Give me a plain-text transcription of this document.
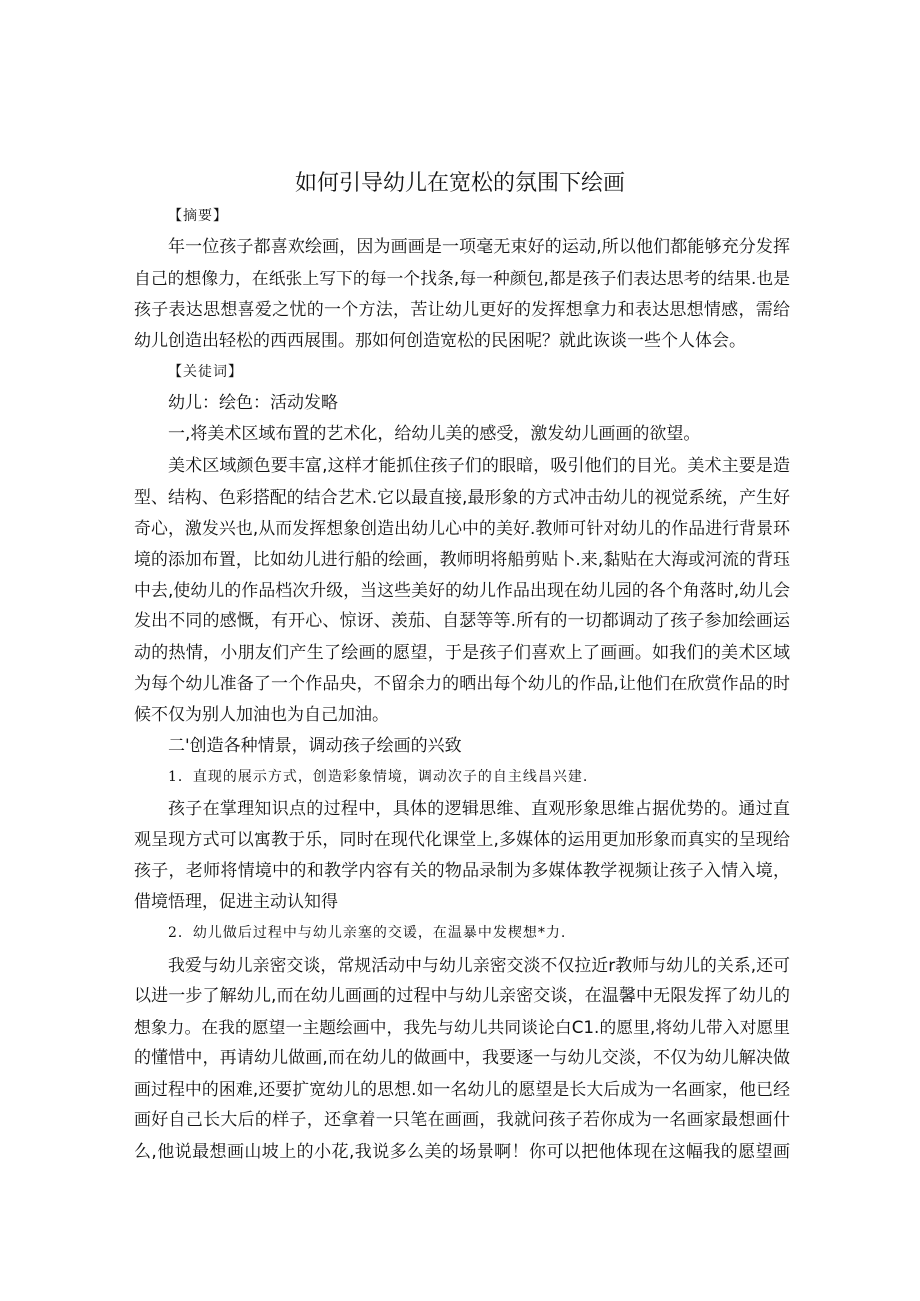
如何引导幼儿在宽松的氛围下绘画
【摘要】
年一位孩子都喜欢绘画，因为画画是一项毫无束好的运动,所以他们都能够充分发挥
自己的想像力，在纸张上写下的每一个找条,每一种颜包,都是孩子们表达思考的结果.也是
孩子表达思想喜爱之忧的一个方法，苦让幼儿更好的发挥想拿力和表达思想情感，需给
幼儿创造出轻松的西西展围。那如何创造宽松的民困呢？就此诙谈一些个人体会。
【关徒词】
幼儿：绘色：活动发略
一,将美术区域布置的艺术化，给幼儿美的感受，激发幼儿画画的欲望。
美术区域颜色要丰富,这样才能抓住孩子们的眼暗，吸引他们的目光。美术主要是造
型、结构、色彩搭配的结合艺术.它以最直接,最形象的方式冲击幼儿的视觉系统，产生好
奇心，激发兴也,从而发挥想象创造出幼儿心中的美好.教师可针对幼儿的作品进行背景环
境的添加布置，比如幼儿进行船的绘画，教师明将船剪贴卜.来,黏贴在大海或河流的背珏
中去,使幼儿的作品档次升级，当这些美好的幼儿作品出现在幼儿园的各个角落时,幼儿会
发出不同的感慨，有开心、惊讶、羡茄、自瑟等等.所有的一切都调动了孩子参加绘画运
动的热情，小朋友们产生了绘画的愿望，于是孩子们喜欢上了画画。如我们的美术区域
为每个幼儿准备了一个作品央，不留余力的晒出每个幼儿的作品,让他们在欣赏作品的时
候不仅为别人加油也为自己加油。
二'创造各种情景，调动孩子绘画的兴致
1．直现的展示方式，创造彩象情境，调动次子的自主线昌兴建.
孩子在掌理知识点的过程中，具体的逻辑思维、直观形象思维占据优势的。通过直
观呈现方式可以寓教于乐，同时在现代化课堂上,多媒体的运用更加形象而真实的呈现给
孩子，老师将情境中的和教学内容有关的物品录制为多媒体教学视频让孩子入情入境，
借境悟理，促进主动认知得
2．幼儿做后过程中与幼儿亲塞的交谖，在温暴中发楔想*力.
我爱与幼儿亲密交谈，常规活动中与幼儿亲密交淡不仅拉近r教师与幼儿的关系,还可
以进一步了解幼儿,而在幼儿画画的过程中与幼儿亲密交谈，在温馨中无限发挥了幼儿的
想象力。在我的愿望一主题绘画中，我先与幼儿共同谈论白C1.的愿里,将幼儿带入对愿里
的懂惜中，再请幼儿做画,而在幼儿的做画中，我要逐一与幼儿交淡，不仅为幼儿解决做
画过程中的困难,还要扩宽幼儿的思想.如一名幼儿的愿望是长大后成为一名画家，他已经
画好自己长大后的样子，还拿着一只笔在画画，我就问孩子若你成为一名画家最想画什
么,他说最想画山坡上的小花,我说多么美的场景啊！你可以把他体现在这幅我的愿望画
